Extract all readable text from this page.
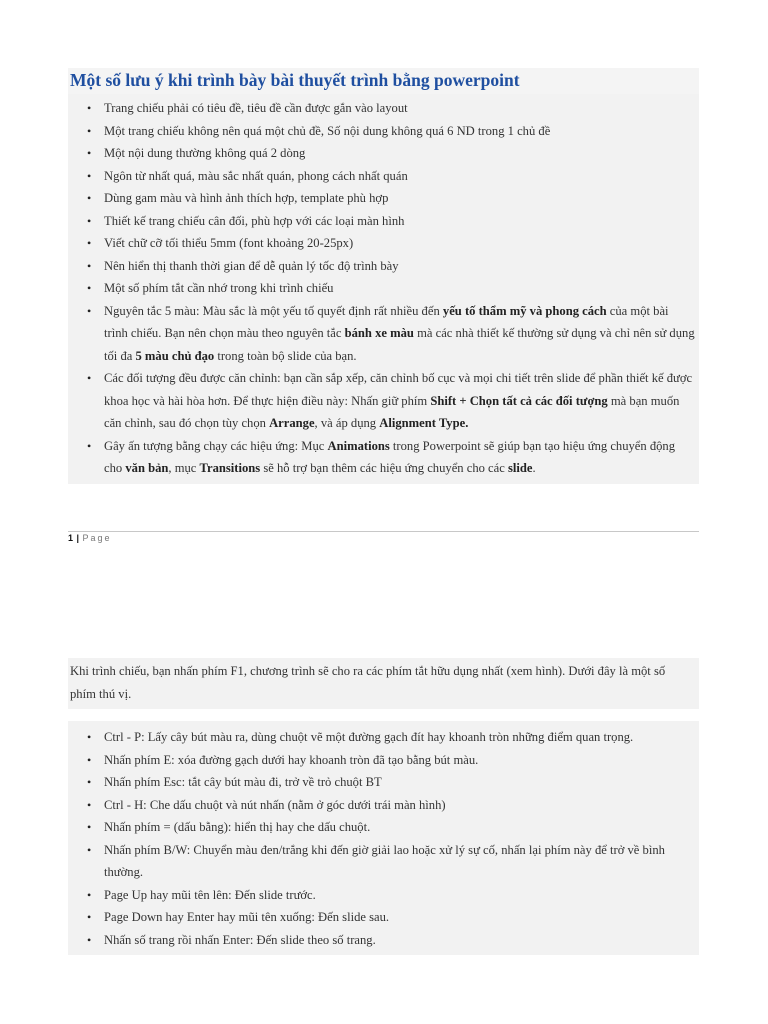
Một số lưu ý khi trình bày bài thuyết trình bằng powerpoint
• Trang chiếu phải có tiêu đề, tiêu đề cần được gắn vào layout
• Một trang chiếu không nên quá một chủ đề, Số nội dung không quá 6 ND trong 1 chủ đề
• Một nội dung thường không quá 2 dòng
• Ngôn từ nhất quá, màu sắc nhất quán, phong cách nhất quán
• Dùng gam màu và hình ảnh thích hợp, template phù hợp
• Thiết kế trang chiếu cân đối, phù hợp với các loại màn hình
• Viết chữ cỡ tối thiểu 5mm (font khoảng 20-25px)
• Nên hiển thị thanh thời gian để dễ quản lý tốc độ trình bày
• Một số phím tắt cần nhớ trong khi trình chiếu
• Nguyên tắc 5 màu: Màu sắc là một yếu tố quyết định rất nhiều đến yếu tố thẩm mỹ và phong cách của một bài trình chiếu. Bạn nên chọn màu theo nguyên tắc bánh xe màu mà các nhà thiết kế thường sử dụng và chỉ nên sử dụng tối đa 5 màu chủ đạo trong toàn bộ slide của bạn.
• Các đối tượng đều được căn chỉnh: bạn cần sắp xếp, căn chỉnh bố cục và mọi chi tiết trên slide để phần thiết kế được khoa học và hài hòa hơn. Để thực hiện điều này: Nhấn giữ phím Shift + Chọn tất cả các đối tượng mà bạn muốn căn chỉnh, sau đó chọn tùy chọn Arrange, và áp dụng Alignment Type.
• Gây ấn tượng bằng chạy các hiệu ứng: Mục Animations trong Powerpoint sẽ giúp bạn tạo hiệu ứng chuyển động cho văn bản, mục Transitions sẽ hỗ trợ bạn thêm các hiệu ứng chuyển cho các slide.
1 | Page

Khi trình chiếu, bạn nhấn phím F1, chương trình sẽ cho ra các phím tắt hữu dụng nhất (xem hình). Dưới đây là một số phím thú vị.

• Ctrl - P: Lấy cây bút màu ra, dùng chuột vẽ một đường gạch đít hay khoanh tròn những điểm quan trọng.
• Nhấn phím E: xóa đường gạch dưới hay khoanh tròn đã tạo bằng bút màu.
• Nhấn phím Esc: tắt cây bút màu đi, trở về trỏ chuột BT
• Ctrl - H: Che dấu chuột và nút nhấn (nằm ở góc dưới trái màn hình)
• Nhấn phím = (dấu bằng): hiển thị hay che dấu chuột.
• Nhấn phím B/W: Chuyển màu đen/trắng khi đến giờ giải lao hoặc xử lý sự cố, nhấn lại phím này để trở về bình thường.
• Page Up hay mũi tên lên: Đến slide trước.
• Page Down hay Enter hay mũi tên xuống: Đến slide sau.
• Nhấn số trang rồi nhấn Enter: Đến slide theo số trang.
